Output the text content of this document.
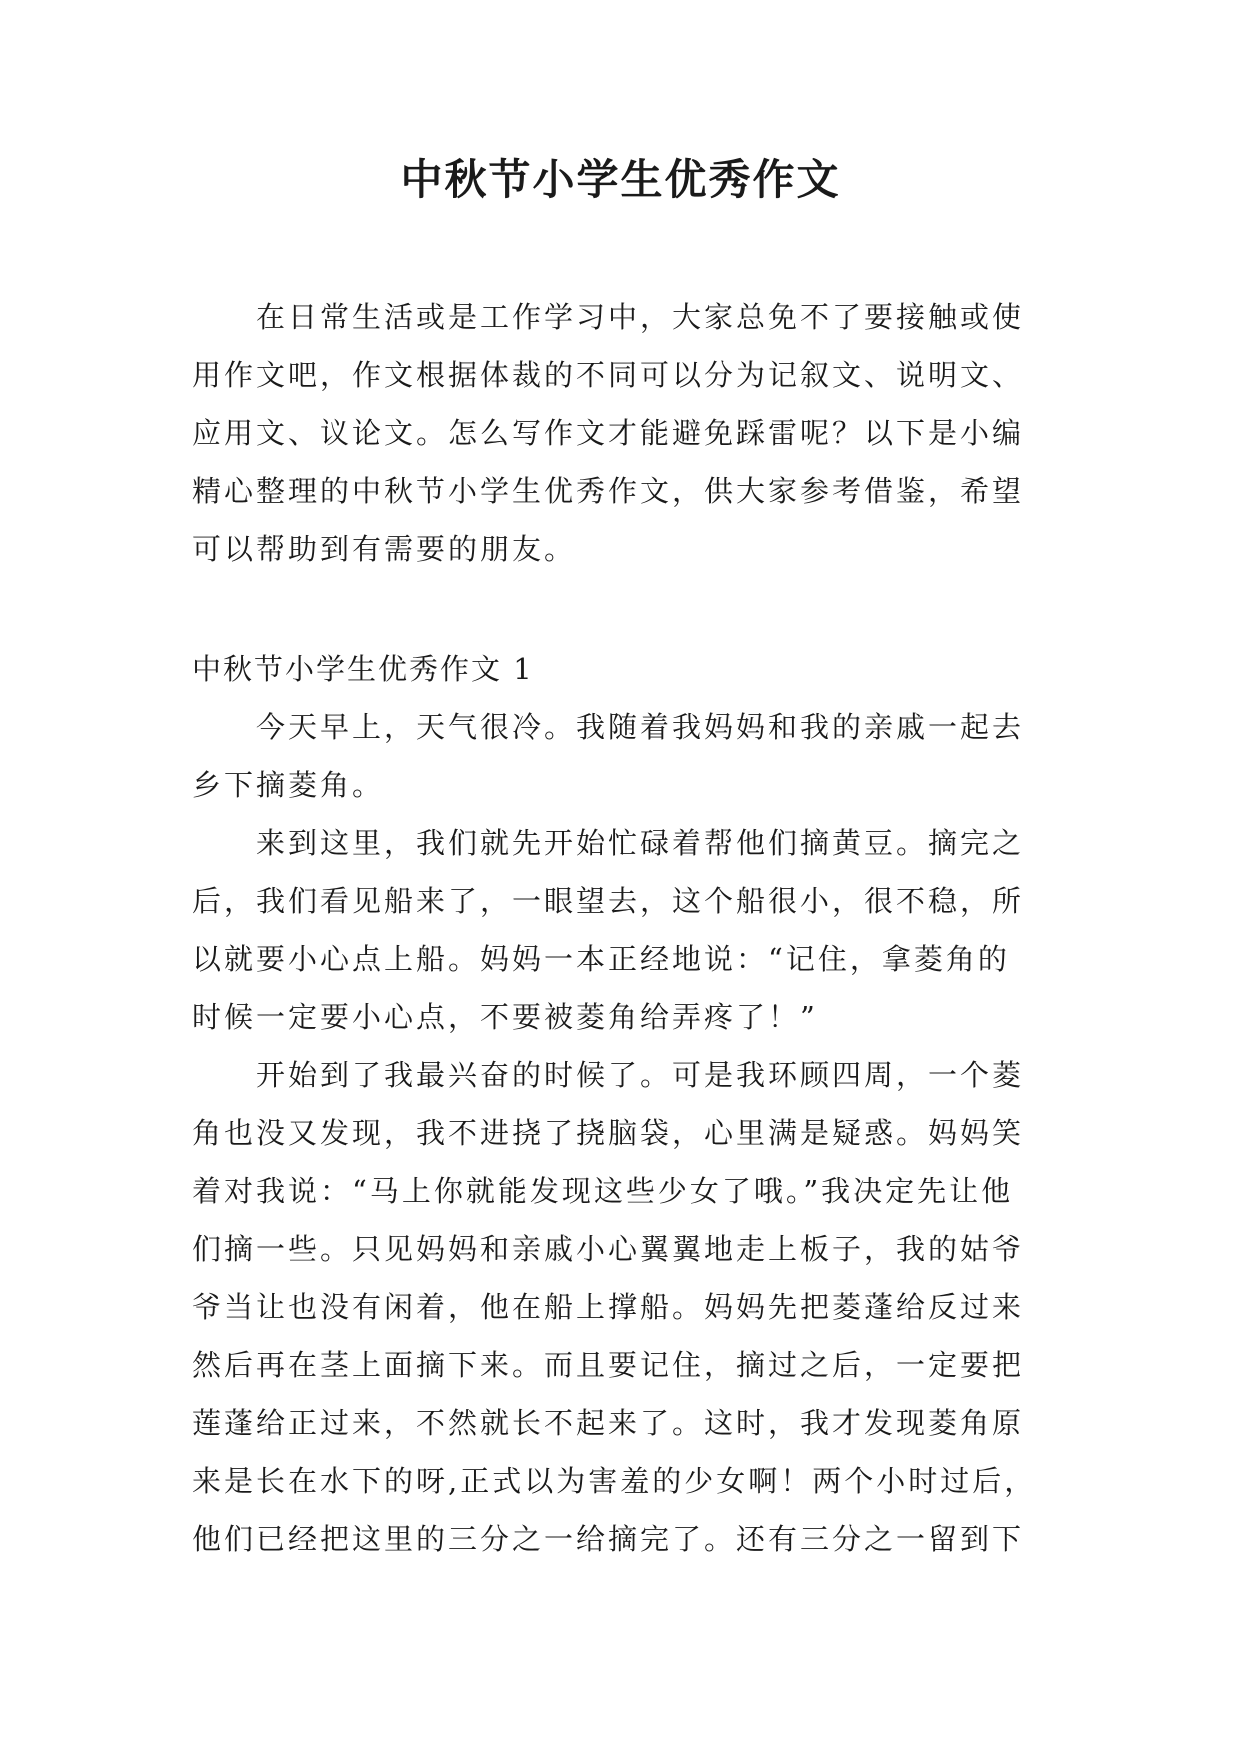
中秋节小学生优秀作文
在日常生活或是工作学习中，大家总免不了要接触或使
用作文吧，作文根据体裁的不同可以分为记叙文、说明文、
应用文、议论文。怎么写作文才能避免踩雷呢？以下是小编
精心整理的中秋节小学生优秀作文，供大家参考借鉴，希望
可以帮助到有需要的朋友。
中秋节小学生优秀作文 1
今天早上，天气很冷。我随着我妈妈和我的亲戚一起去
乡下摘菱角。
来到这里，我们就先开始忙碌着帮他们摘黄豆。摘完之
后，我们看见船来了，一眼望去，这个船很小，很不稳，所
以就要小心点上船。妈妈一本正经地说：“记住，拿菱角的
时候一定要小心点，不要被菱角给弄疼了！”
开始到了我最兴奋的时候了。可是我环顾四周，一个菱
角也没又发现，我不进挠了挠脑袋，心里满是疑惑。妈妈笑
着对我说：“马上你就能发现这些少女了哦。”我决定先让他
们摘一些。只见妈妈和亲戚小心翼翼地走上板子，我的姑爷
爷当让也没有闲着，他在船上撑船。妈妈先把菱蓬给反过来
然后再在茎上面摘下来。而且要记住，摘过之后，一定要把
莲蓬给正过来，不然就长不起来了。这时，我才发现菱角原
来是长在水下的呀,正式以为害羞的少女啊！两个小时过后，
他们已经把这里的三分之一给摘完了。还有三分之一留到下
